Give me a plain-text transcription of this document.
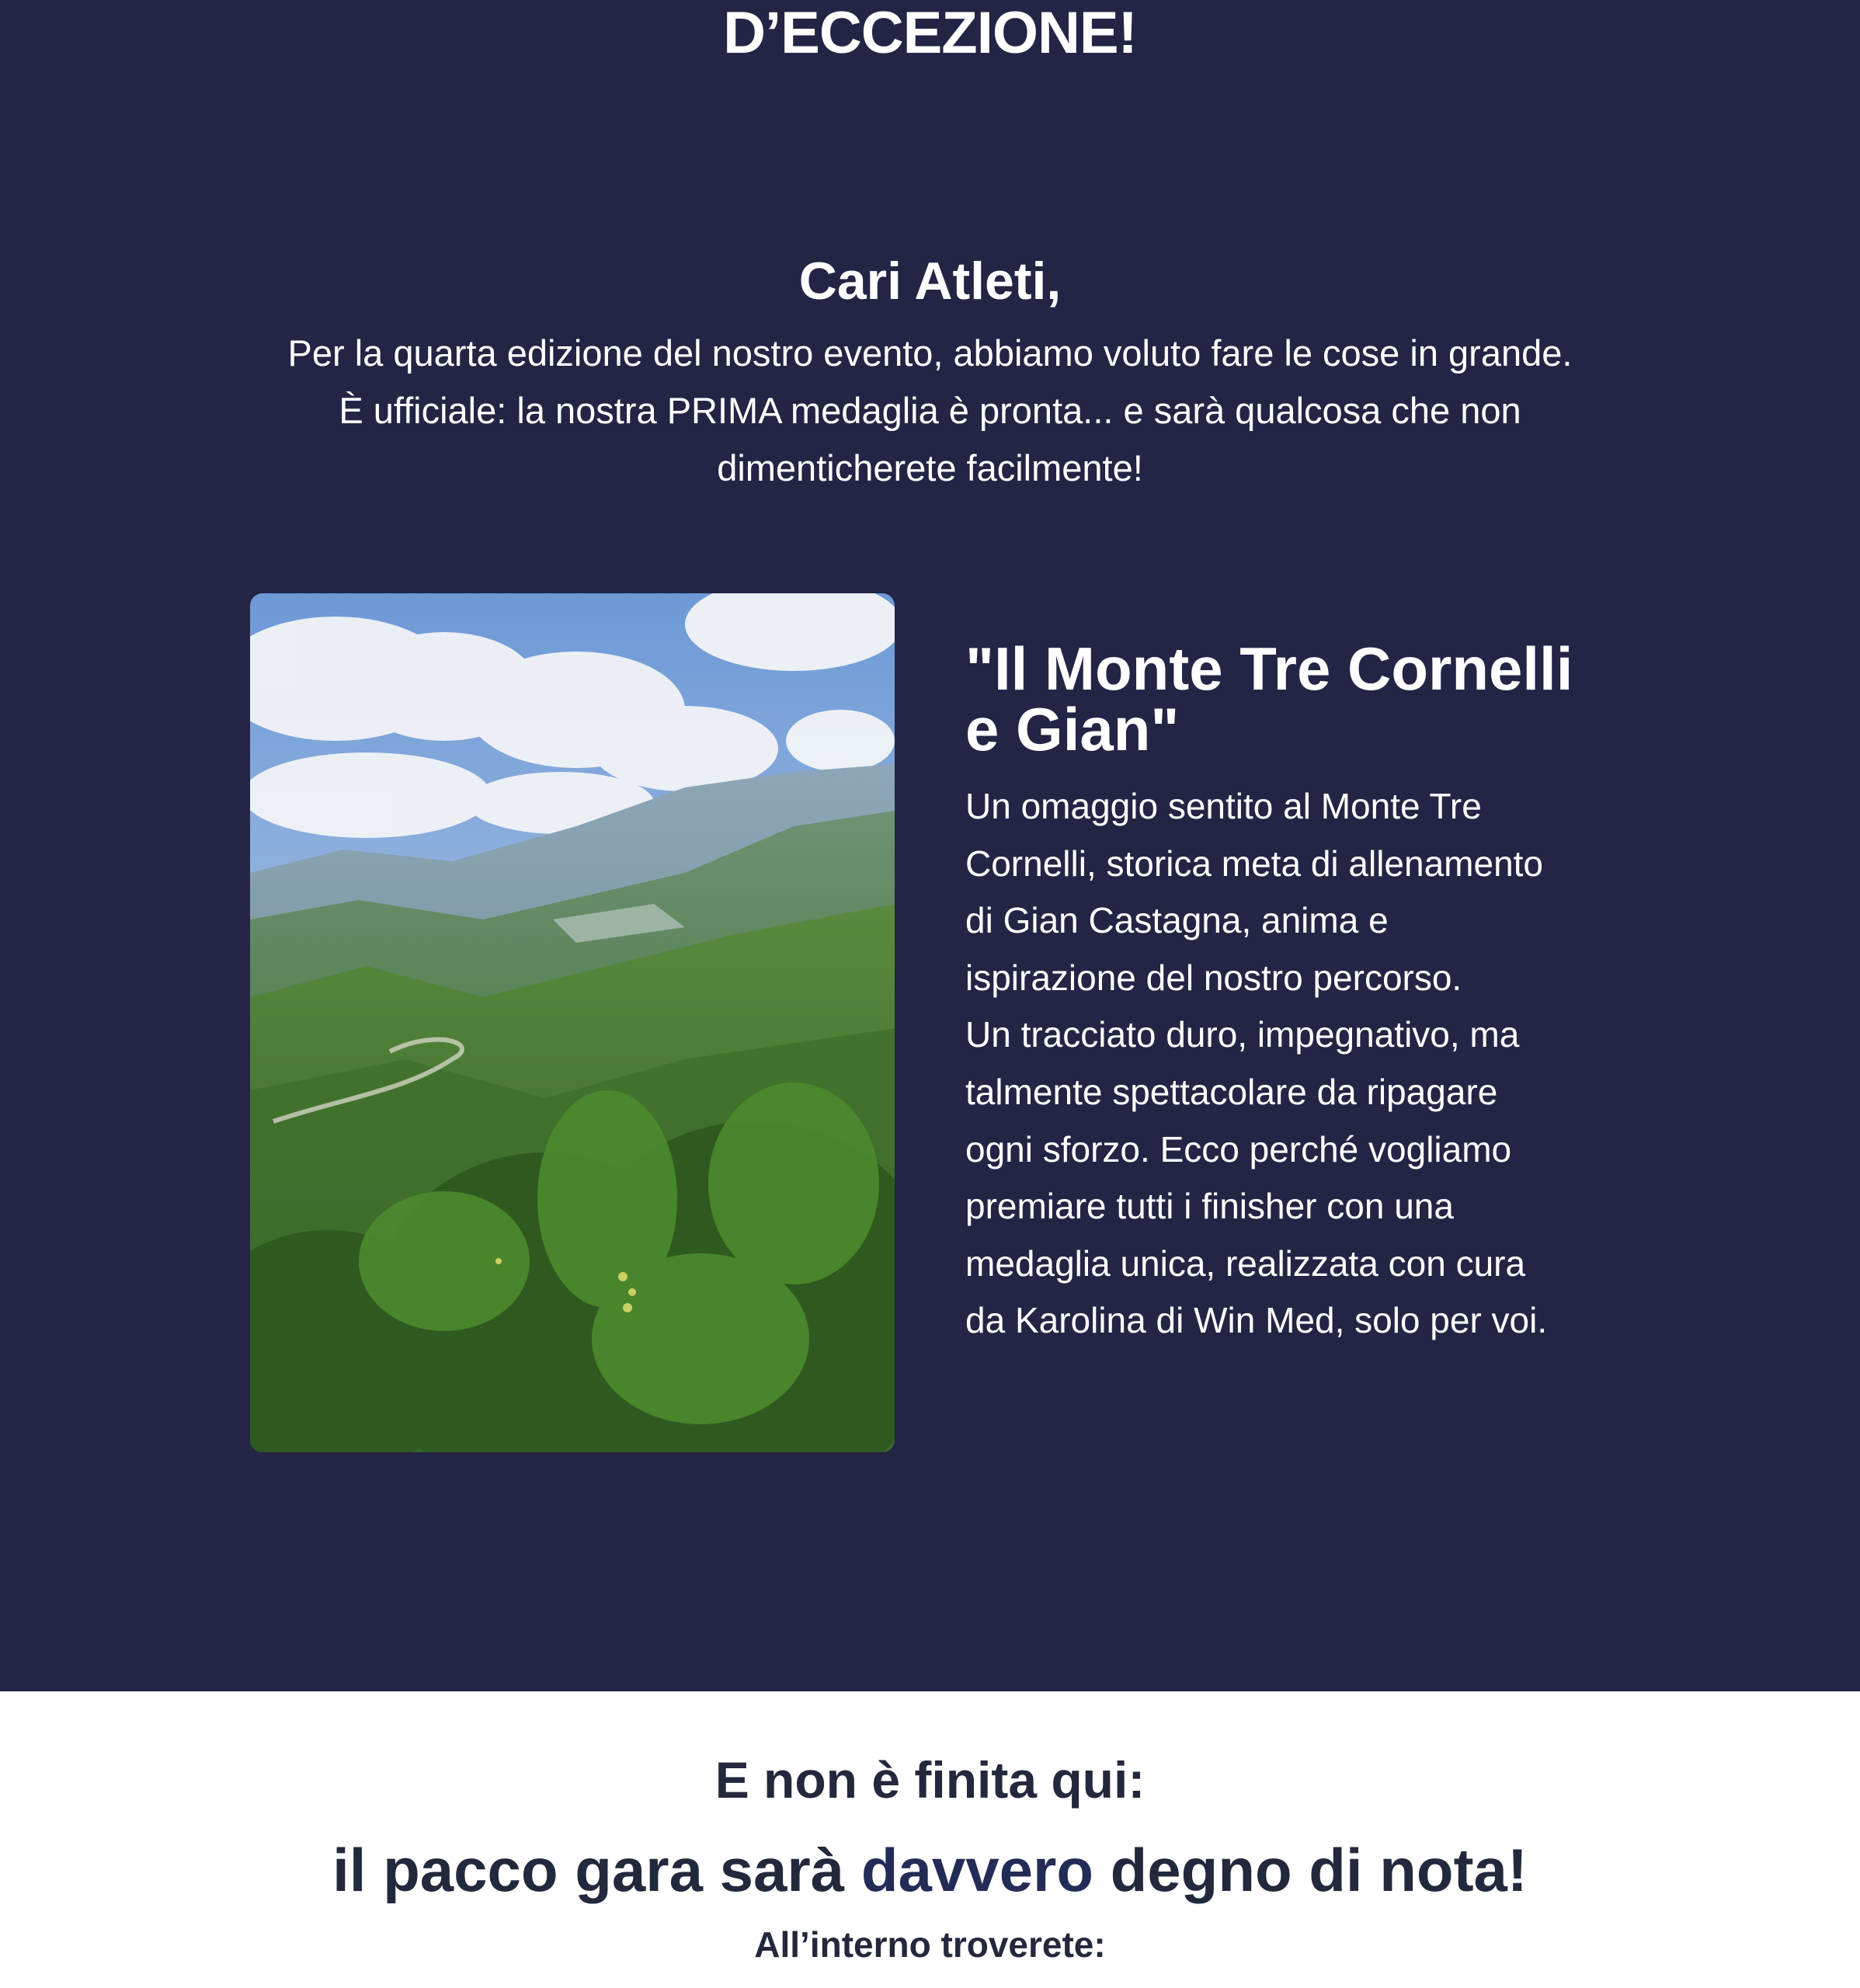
D’ECCEZIONE!
Cari Atleti,
Per la quarta edizione del nostro evento, abbiamo voluto fare le cose in grande.
È ufficiale: la nostra PRIMA medaglia è pronta... e sarà qualcosa che non
dimenticherete facilmente!
"Il Monte Tre Cornelli
e Gian"
Un omaggio sentito al Monte Tre
Cornelli, storica meta di allenamento
di Gian Castagna, anima e
ispirazione del nostro percorso.
Un tracciato duro, impegnativo, ma
talmente spettacolare da ripagare
ogni sforzo. Ecco perché vogliamo
premiare tutti i finisher con una
medaglia unica, realizzata con cura
da Karolina di Win Med, solo per voi.
E non è finita qui:
il pacco gara sarà davvero degno di nota!
All’interno troverete:
